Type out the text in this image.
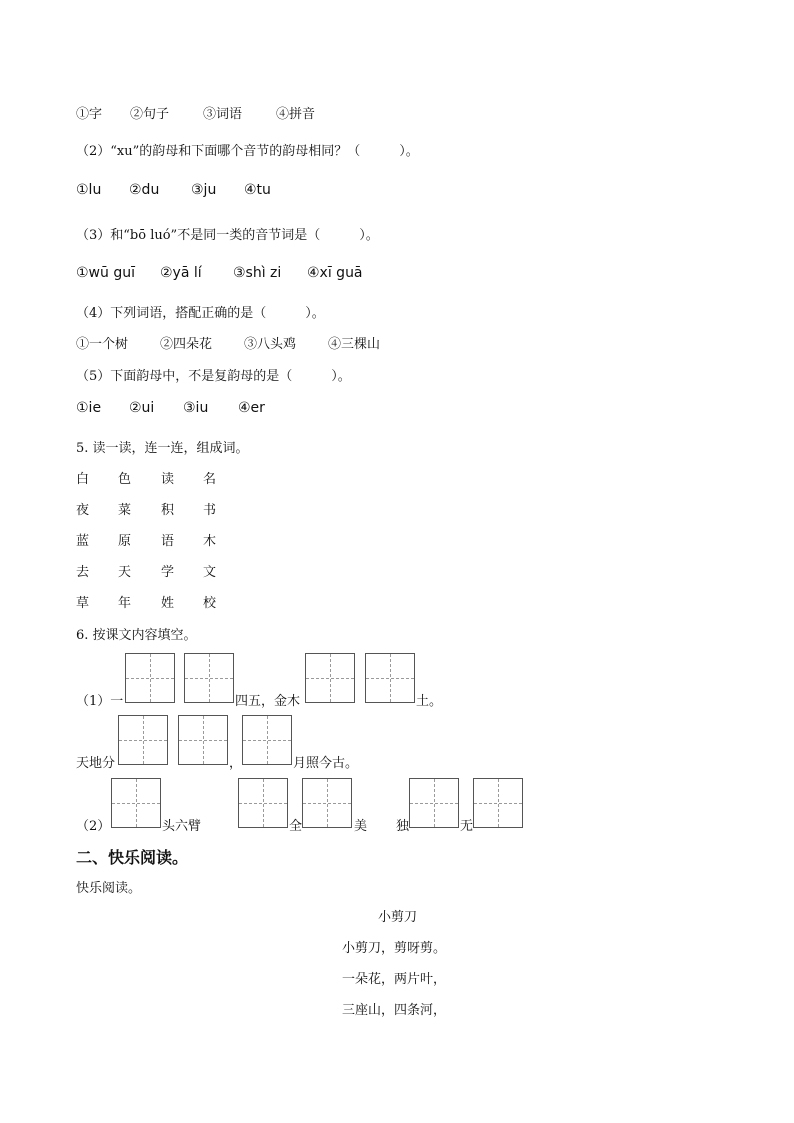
①字 ②句子	③词语	④拼音
（2）“xu”的韵母和下面哪个音节的韵母相同？（　　　）。
①lu ②du ③ju ④tu
（3）和“bō luó”不是同一类的音节词是（　　　）。
①wū guī ②yā lí ③shì zi ④xī guā
（4）下列词语，搭配正确的是（　　　）。
①一个树 ②四朵花 ③八头鸡 ④三棵山
（5）下面韵母中，不是复韵母的是（　　　）。
①ie ②ui ③iu ④er
5. 读一读，连一连，组成词。
白 色 读 名
夜 菜 积 书
蓝 原 语 木
去 天 学 文
草 年 姓 校
6. 按课文内容填空。
（1）一	四五，金木	土。
天地分	，	月照今古。
（2）	头六臂	全	美 独	无
二、快乐阅读。
快乐阅读。
小剪刀
小剪刀，剪呀剪。
一朵花，两片叶，
三座山，四条河，
